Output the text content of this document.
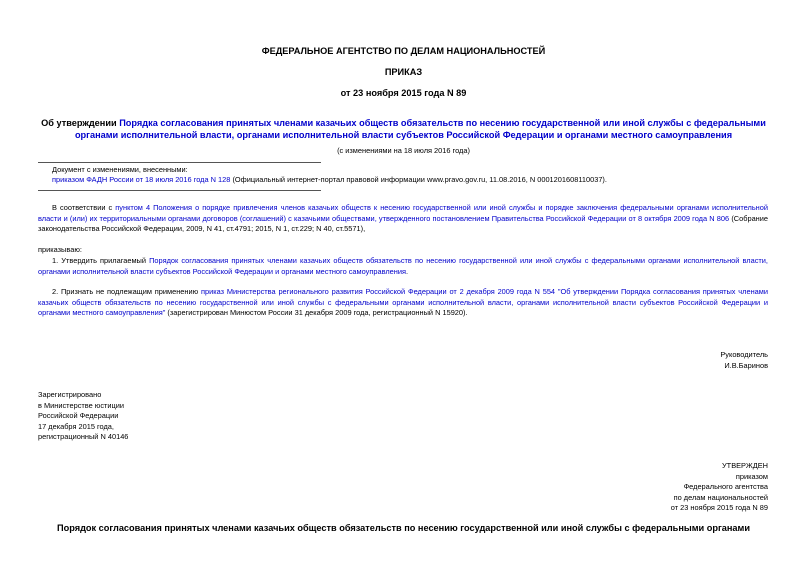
ФЕДЕРАЛЬНОЕ АГЕНТСТВО ПО ДЕЛАМ НАЦИОНАЛЬНОСТЕЙ
ПРИКАЗ
от 23 ноября 2015 года N 89
Об утверждении Порядка согласования принятых членами казачьих обществ обязательств по несению государственной или иной службы с федеральными
органами исполнительной власти, органами исполнительной власти субъектов Российской Федерации и органами местного самоуправления
(с изменениями на 18 июля 2016 года)
Документ с изменениями, внесенными:
приказом ФАДН России от 18 июля 2016 года N 128 (Официальный интернет-портал правовой информации www.pravo.gov.ru, 11.08.2016, N 0001201608110037).
В соответствии с пунктом 4 Положения о порядке привлечения членов казачьих обществ к несению государственной или иной службы и порядке заключения федеральными органами исполнительной власти и (или) их территориальными органами договоров (соглашений) с казачьими обществами, утвержденного постановлением Правительства Российской Федерации от 8 октября 2009 года N 806 (Собрание законодательства Российской Федерации, 2009, N 41, ст.4791; 2015, N 1, ст.229; N 40, ст.5571),
приказываю:
1. Утвердить прилагаемый Порядок согласования принятых членами казачьих обществ обязательств по несению государственной или иной службы с федеральными органами исполнительной власти, органами исполнительной власти субъектов Российской Федерации и органами местного самоуправления.
2. Признать не подлежащим применению приказ Министерства регионального развития Российской Федерации от 2 декабря 2009 года N 554 "Об утверждении Порядка согласования принятых членами казачьих обществ обязательств по несению государственной или иной службы с федеральными органами исполнительной власти, органами исполнительной власти субъектов Российской Федерации и органами местного самоуправления" (зарегистрирован Минюстом России 31 декабря 2009 года, регистрационный N 15920).
Руководитель
И.В.Баринов
Зарегистрировано
в Министерстве юстиции
Российской Федерации
17 декабря 2015 года,
регистрационный N 40146
УТВЕРЖДЕН
приказом
Федерального агентства
по делам национальностей
от 23 ноября 2015 года N 89
Порядок согласования принятых членами казачьих обществ обязательств по несению государственной или иной службы с федеральными органами
